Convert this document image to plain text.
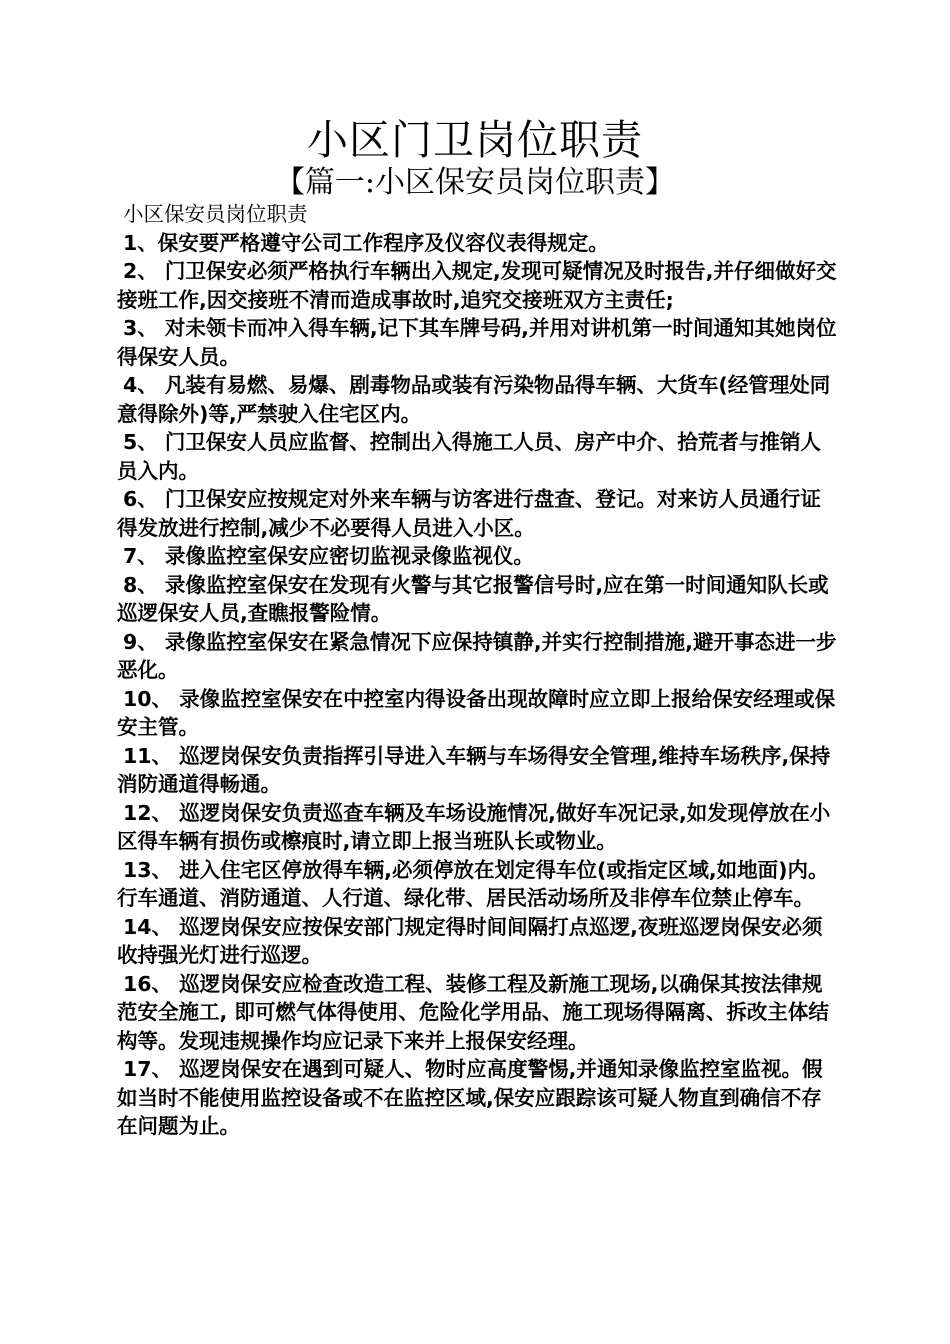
小区门卫岗位职责
【篇一:小区保安员岗位职责】

小区保安员岗位职责

1、保安要严格遵守公司工作程序及仪容仪表得规定。

2、 门卫保安必须严格执行车辆出入规定,发现可疑情况及时报告,并仔细做好交接班工作,因交接班不清而造成事故时,追究交接班双方主责任;

3、 对未领卡而冲入得车辆,记下其车牌号码,并用对讲机第一时间通知其她岗位得保安人员。

4、 凡装有易燃、易爆、剧毒物品或装有污染物品得车辆、大货车(经管理处同意得除外)等,严禁驶入住宅区内。

5、 门卫保安人员应监督、控制出入得施工人员、房产中介、拾荒者与推销人员入内。

6、 门卫保安应按规定对外来车辆与访客进行盘查、登记。对来访人员通行证得发放进行控制,减少不必要得人员进入小区。

7、 录像监控室保安应密切监视录像监视仪。

8、 录像监控室保安在发现有火警与其它报警信号时,应在第一时间通知队长或巡逻保安人员,查瞧报警险情。

9、 录像监控室保安在紧急情况下应保持镇静,并实行控制措施,避开事态进一步恶化。

10、 录像监控室保安在中控室内得设备出现故障时应立即上报给保安经理或保安主管。

11、 巡逻岗保安负责指挥引导进入车辆与车场得安全管理,维持车场秩序,保持消防通道得畅通。

12、 巡逻岗保安负责巡查车辆及车场设施情况,做好车况记录,如发现停放在小区得车辆有损伤或檫痕时,请立即上报当班队长或物业。

13、 进入住宅区停放得车辆,必须停放在划定得车位(或指定区域,如地面)内。行车通道、消防通道、人行道、绿化带、居民活动场所及非停车位禁止停车。

14、 巡逻岗保安应按保安部门规定得时间间隔打点巡逻,夜班巡逻岗保安必须收持强光灯进行巡逻。

16、 巡逻岗保安应检查改造工程、装修工程及新施工现场,以确保其按法律规范安全施工, 即可燃气体得使用、危险化学用品、施工现场得隔离、拆改主体结构等。发现违规操作均应记录下来并上报保安经理。

17、 巡逻岗保安在遇到可疑人、物时应高度警惕,并通知录像监控室监视。假如当时不能使用监控设备或不在监控区域,保安应跟踪该可疑人物直到确信不存在问题为止。
